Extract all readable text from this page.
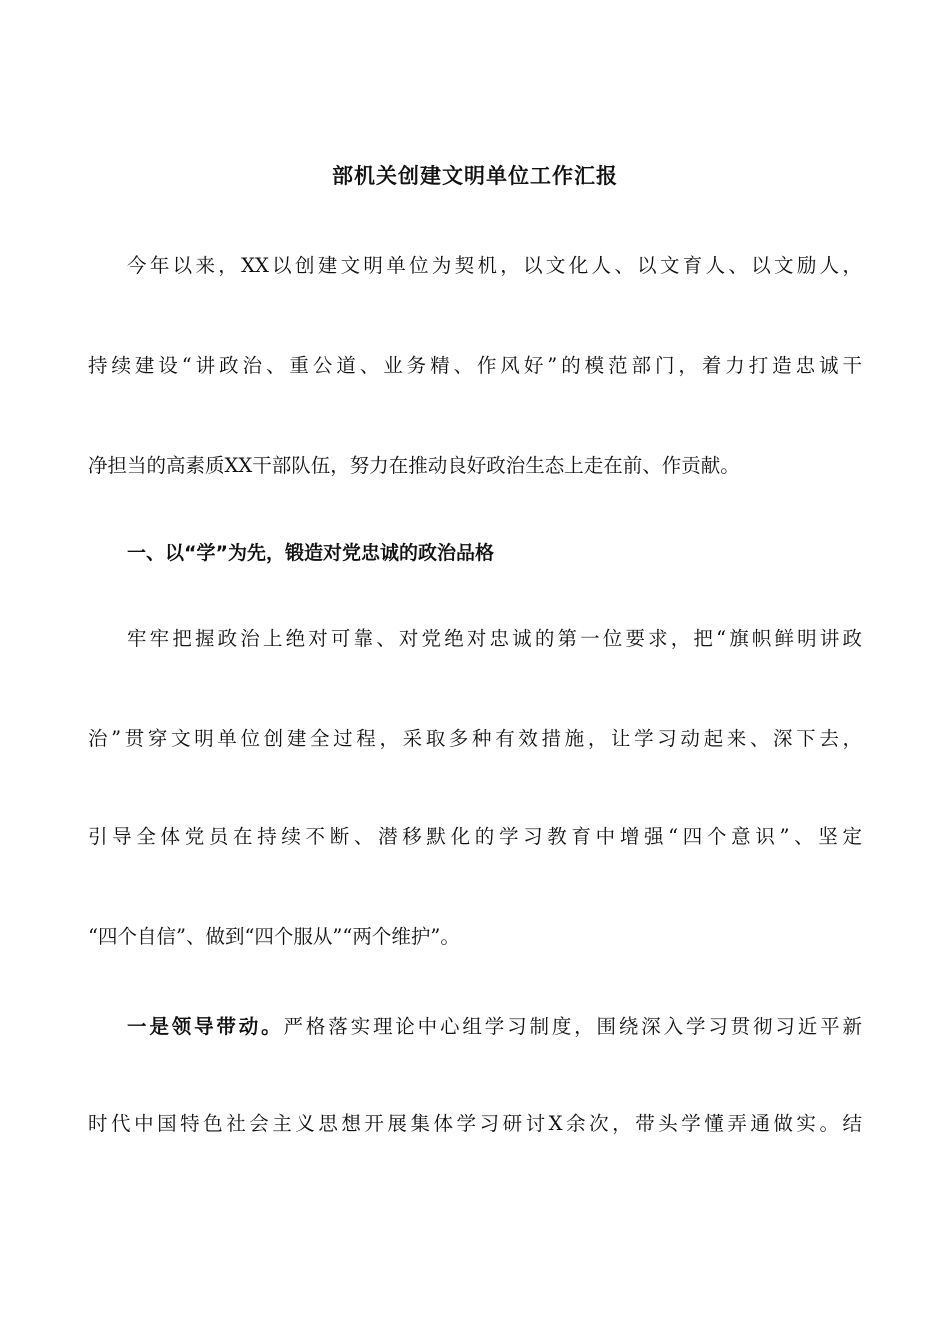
部机关创建文明单位工作汇报
今年以来，XX以创建文明单位为契机，以文化人、以文育人、以文励人，
持续建设“讲政治、重公道、业务精、作风好”的模范部门，着力打造忠诚干
净担当的高素质XX干部队伍，努力在推动良好政治生态上走在前、作贡献。
一、以“学”为先，锻造对党忠诚的政治品格
牢牢把握政治上绝对可靠、对党绝对忠诚的第一位要求，把“旗帜鲜明讲政
治”贯穿文明单位创建全过程，采取多种有效措施，让学习动起来、深下去，
引导全体党员在持续不断、潜移默化的学习教育中增强“四个意识”、坚定
“四个自信”、做到“四个服从”“两个维护”。
一是领导带动。严格落实理论中心组学习制度，围绕深入学习贯彻习近平新
时代中国特色社会主义思想开展集体学习研讨X余次，带头学懂弄通做实。结
